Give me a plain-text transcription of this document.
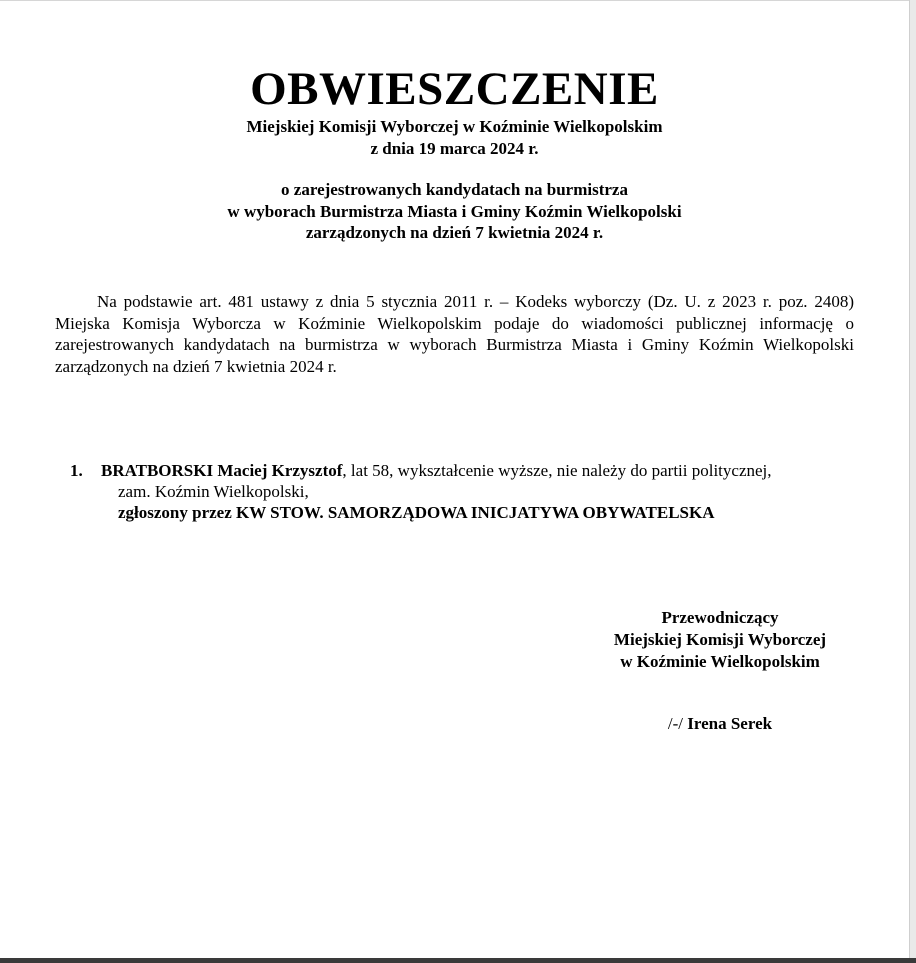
OBWIESZCZENIE
Miejskiej Komisji Wyborczej w Koźminie Wielkopolskim
z dnia 19 marca 2024 r.
o zarejestrowanych kandydatach na burmistrza
w wyborach Burmistrza Miasta i Gminy Koźmin Wielkopolski
zarządzonych na dzień 7 kwietnia 2024 r.
Na podstawie art. 481 ustawy z dnia 5 stycznia 2011 r. – Kodeks wyborczy (Dz. U. z 2023 r. poz. 2408) Miejska Komisja Wyborcza w Koźminie Wielkopolskim podaje do wiadomości publicznej informację o zarejestrowanych kandydatach na burmistrza w wyborach Burmistrza Miasta i Gminy Koźmin Wielkopolski zarządzonych na dzień 7 kwietnia 2024 r.
1. BRATBORSKI Maciej Krzysztof, lat 58, wykształcenie wyższe, nie należy do partii politycznej,
zam. Koźmin Wielkopolski,
zgłoszony przez KW STOW. SAMORZĄDOWA INICJATYWA OBYWATELSKA
Przewodniczący
Miejskiej Komisji Wyborczej
w Koźminie Wielkopolskim
/-/ Irena Serek
